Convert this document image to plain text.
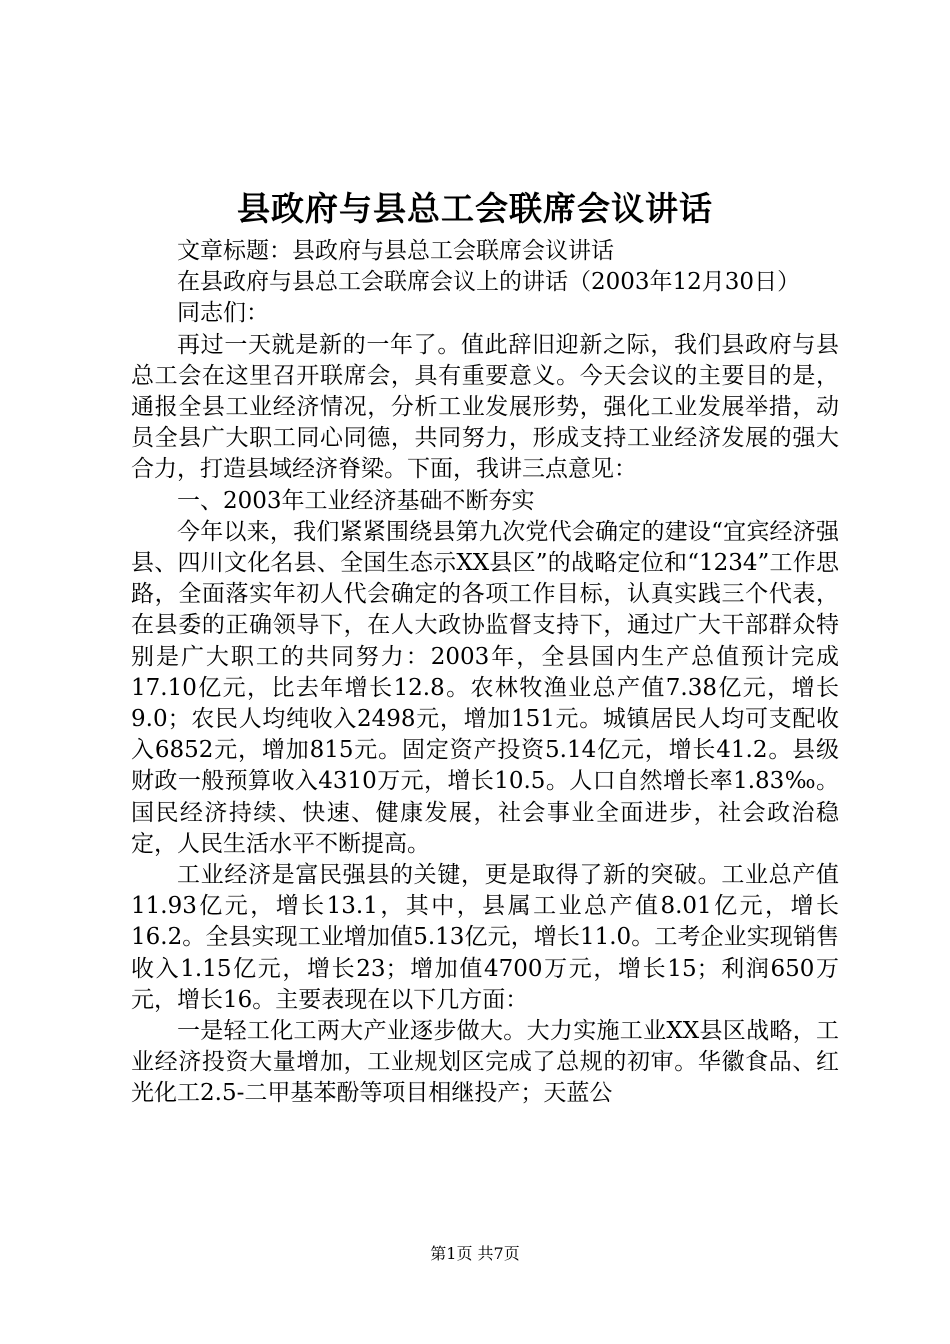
县政府与县总工会联席会议讲话

文章标题：县政府与县总工会联席会议讲话

在县政府与县总工会联席会议上的讲话（2003年12月30日）

同志们：

再过一天就是新的一年了。值此辞旧迎新之际，我们县政府与县总工会在这里召开联席会，具有重要意义。今天会议的主要目的是，通报全县工业经济情况，分析工业发展形势，强化工业发展举措，动员全县广大职工同心同德，共同努力，形成支持工业经济发展的强大合力，打造县域经济脊梁。下面，我讲三点意见：

一、2003年工业经济基础不断夯实

今年以来，我们紧紧围绕县第九次党代会确定的建设“宜宾经济强县、四川文化名县、全国生态示XX县区”的战略定位和“1234”工作思路，全面落实年初人代会确定的各项工作目标，认真实践三个代表，在县委的正确领导下，在人大政协监督支持下，通过广大干部群众特别是广大职工的共同努力：2003年，全县国内生产总值预计完成17.10亿元，比去年增长12.8。农林牧渔业总产值7.38亿元，增长9.0；农民人均纯收入2498元，增加151元。城镇居民人均可支配收入6852元，增加815元。固定资产投资5.14亿元，增长41.2。县级财政一般预算收入4310万元，增长10.5。人口自然增长率1.83‰。国民经济持续、快速、健康发展，社会事业全面进步，社会政治稳定，人民生活水平不断提高。

工业经济是富民强县的关键，更是取得了新的突破。工业总产值11.93亿元，增长13.1，其中，县属工业总产值8.01亿元，增长16.2。全县实现工业增加值5.13亿元，增长11.0。工考企业实现销售收入1.15亿元，增长23；增加值4700万元，增长15；利润650万元，增长16。主要表现在以下几方面：

一是轻工化工两大产业逐步做大。大力实施工业XX县区战略，工业经济投资大量增加，工业规划区完成了总规的初审。华徽食品、红光化工2.5-二甲基苯酚等项目相继投产；天蓝公

第1页 共7页
